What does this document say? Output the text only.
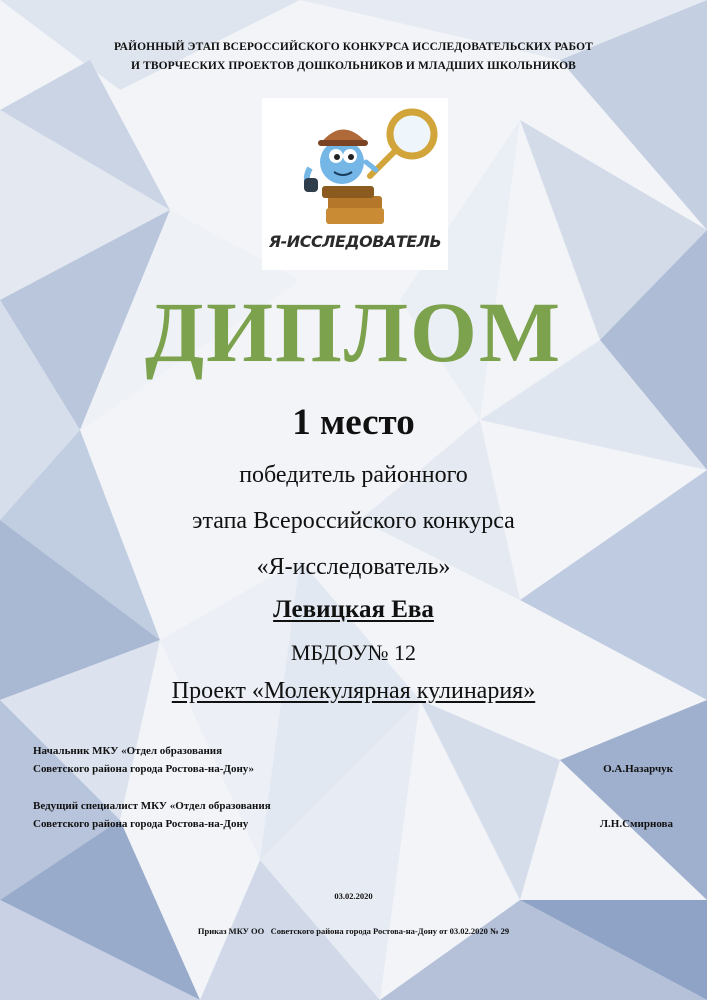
РАЙОННЫЙ ЭТАП ВСЕРОССИЙСКОГО КОНКУРСА ИССЛЕДОВАТЕЛЬСКИХ РАБОТ
И ТВОРЧЕСКИХ ПРОЕКТОВ ДОШКОЛЬНИКОВ И МЛАДШИХ ШКОЛЬНИКОВ
Я-ИССЛЕДОВАТЕЛЬ
ДИПЛОМ
1 место
победитель районного
этапа Всероссийского конкурса
«Я-исследователь»
Левицкая Ева
МБДОУ№ 12
Проект «Молекулярная кулинария»
Начальник МКУ «Отдел образования
Советского района города Ростова-на-Дону»	О.А.Назарчук
Ведущий специалист МКУ «Отдел образования
Советского района города Ростова-на-Дону	Л.Н.Смирнова
03.02.2020
Приказ МКУ ОО   Советского района города Ростова-на-Дону от 03.02.2020 № 29
